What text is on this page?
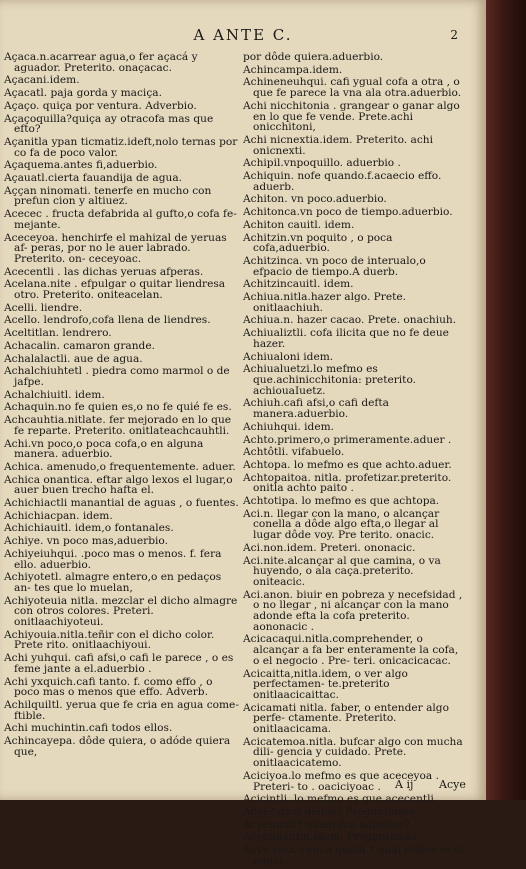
A ANTE C.	2
Açaca.n.acarrear agua,o fer açacá y aguador. Preterito. onaçacac.
Açacani.idem.
Açacatl. paja gorda y maciça.
Açaço. quiça por ventura. Adverbio.
Açaçoquilla?quiça ay otracofa mas que efto?
Açanitla ypan ticmatiz.ideft,nolo ternas por co fa de poco valor.
Açaquema.antes fi,aduerbio.
Açauatl.cierta fauandija de agua.
Aççan ninomati. tenerfe en mucho con prefun cion y altiuez.
Acecec . fructa defabrida al gufto,o cofa fe- mejante.
Aceceyoa. henchirfe el mahizal de yeruas af- peras, por no le auer labrado. Preterito. on- ceceyoac.
Acecentli . las dichas yeruas afperas.
Acelana.nite . efpulgar o quitar liendresa otro. Preterito. oniteacelan.
Acelli. liendre.
Acello. lendrofo,cofa llena de liendres.
Aceltitlan. lendrero.
Achacalin. camaron grande.
Achalalactli. aue de agua.
Achalchiuhtetl . piedra como marmol o de jafpe.
Achalchiuitl. idem.
Achaquin.no fe quien es,o no fe quié fe es.
Achcauhtia.nitlate. fer mejorado en lo que fe reparte. Preterito. onitlateachcauhtli.
Achi.vn poco,o poca cofa,o en alguna manera. aduerbio.
Achica. amenudo,o frequentemente. aduer.
Achica onantica. eftar algo lexos el lugar,o auer buen trecho hafta el.
Achichiactli manantial de aguas , o fuentes.
Achichiacpan. idem.
Achichiauitl. idem,o fontanales.
Achiye. vn poco mas,aduerbio.
Achiyeiuhqui. .poco mas o menos. f. fera ello. aduerbio.
Achiyotetl. almagre entero,o en pedaços an- tes que lo muelan,
Achiyoteuia nitla. mezclar el dicho almagre con otros colores. Preteri. onitlaachiyoteui.
Achiyouia.nitla.teñir con el dicho color. Prete rito. onitlaachiyoui.
Achi yuhqui. cafi afsi,o cafi le parece , o es feme jante a el.aduerbio .
Achi yxquich.cafi tanto. f. como effo , o poco mas o menos que effo. Adverb.
Achilquiltl. yerua que fe cria en agua come- ftible.
Achi muchintin.cafi todos ellos.
Achincayepa. dôde quiera, o adóde quiera que,
por dôde quiera.aduerbio.
Achincampa.idem.
Achineneuhqui. cafi ygual cofa a otra , o que fe parece la vna ala otra.aduerbio.
Achi nicchitonia . grangear o ganar algo en lo que fe vende. Prete.achi onicchitoni,
Achi nicnextia.idem. Preterito. achi onicnexti.
Achipil.vnpoquillo. aduerbio .
Achiquin. nofe quando.f.acaecio effo. aduerb.
Achiton. vn poco.aduerbio.
Achitonca.vn poco de tiempo.aduerbio.
Achiton cauitl. idem.
Achitzin.vn poquito , o poca cofa,aduerbio.
Achitzinca. vn poco de interualo,o efpacio de tiempo.A duerb.
Achitzincauitl. idem.
Achiua.nitla.hazer algo. Prete. onitlaachiuh.
Achiua.n. hazer cacao. Prete. onachiuh.
Achiualiztli. cofa ilicita que no fe deue hazer.
Achiualoni idem.
Achiualuetzi.lo mefmo es que.achinicchitonia: preterito. achiouaIuetz.
Achiuh.cafi afsi,o cafi defta manera.aduerbio.
Achiuhqui. idem.
Achto.primero,o primeramente.aduer .
Achtôtli. vifabuelo.
Achtopa. lo mefmo es que achto.aduer.
Achtopaitoa. nitla. profetizar.preterito. onitla achto paito .
Achtotipa. lo mefmo es que achtopa.
Aci.n. llegar con la mano, o alcançar conella a dôde algo efta,o llegar al lugar dôde voy. Pre terito. onacic.
Aci.non.idem. Preteri. ononacic.
Aci.nite.alcançar al que camina, o va huyendo, o ala caça.preterito. oniteacic.
Aci.anon. biuir en pobreza y necefsidad , o no llegar , ni alcançar con la mano adonde efta la cofa preterito. aononacic .
Acicacaqui.nitla.comprehender, o alcançar a fa ber enteramente la cofa, o el negocio . Pre- teri. onicacicacac.
Acicaitta,nitla.idem, o ver algo perfectamen- te.preterito onitlaacicaittac.
Acicamati nitla. faber, o entender algo perfe- ctamente. Preterito. onitlaacicama.
Acicatemoa.nitla. bufcar algo con mucha dili- gencia y cuidado. Prete. onitlaacicatemo.
Aciciyoa.lo mefmo es que aceceyoa . Preteri- to . oaciciyoac .
Acicintli..lo mefmo es que acecentli.
Acye? qual dellos? Preguntando.
Acyehuatl? quien fon aquellos?
Acyehuantin.idem. Preguntando.
Acye ynoc cenca qualli ? qual dellos es el mejor.
A ij Acye
